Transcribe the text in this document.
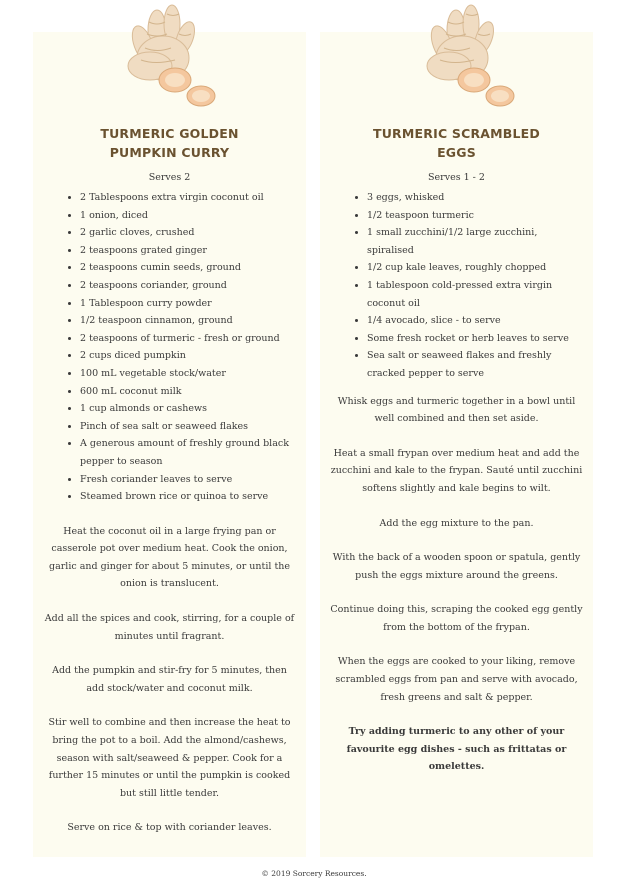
TURMERIC GOLDEN
PUMPKIN CURRY
Serves 2
• 2 Tablespoons extra virgin coconut oil
• 1 onion, diced
• 2 garlic cloves, crushed
• 2 teaspoons grated ginger
• 2 teaspoons cumin seeds, ground
• 2 teaspoons coriander, ground
• 1 Tablespoon curry powder
• 1/2 teaspoon cinnamon, ground
• 2 teaspoons of turmeric - fresh or ground
• 2 cups diced pumpkin
• 100 mL vegetable stock/water
• 600 mL coconut milk
• 1 cup almonds or cashews
• Pinch of sea salt or seaweed flakes
• A generous amount of freshly ground black pepper to season
• Fresh coriander leaves to serve
• Steamed brown rice or quinoa to serve

Heat the coconut oil in a large frying pan or casserole pot over medium heat. Cook the onion, garlic and ginger for about 5 minutes, or until the onion is translucent.

Add all the spices and cook, stirring, for a couple of minutes until fragrant.

Add the pumpkin and stir-fry for 5 minutes, then add stock/water and coconut milk.

Stir well to combine and then increase the heat to bring the pot to a boil. Add the almond/cashews, season with salt/seaweed & pepper. Cook for a further 15 minutes or until the pumpkin is cooked but still little tender.

Serve on rice & top with coriander leaves.

TURMERIC SCRAMBLED
EGGS
Serves 1 - 2
• 3 eggs, whisked
• 1/2 teaspoon turmeric
• 1 small zucchini/1/2 large zucchini, spiralised
• 1/2 cup kale leaves, roughly chopped
• 1 tablespoon cold-pressed extra virgin coconut oil
• 1/4 avocado, slice - to serve
• Some fresh rocket or herb leaves to serve
• Sea salt or seaweed flakes and freshly cracked pepper to serve

Whisk eggs and turmeric together in a bowl until well combined and then set aside.

Heat a small frypan over medium heat and add the zucchini and kale to the frypan. Sauté until zucchini softens slightly and kale begins to wilt.

Add the egg mixture to the pan.

With the back of a wooden spoon or spatula, gently push the eggs mixture around the greens.

Continue doing this, scraping the cooked egg gently from the bottom of the frypan.

When the eggs are cooked to your liking, remove scrambled eggs from pan and serve with avocado, fresh greens and salt & pepper.

Try adding turmeric to any other of your favourite egg dishes - such as frittatas or omelettes.

© 2019 Sorcery Resources.
